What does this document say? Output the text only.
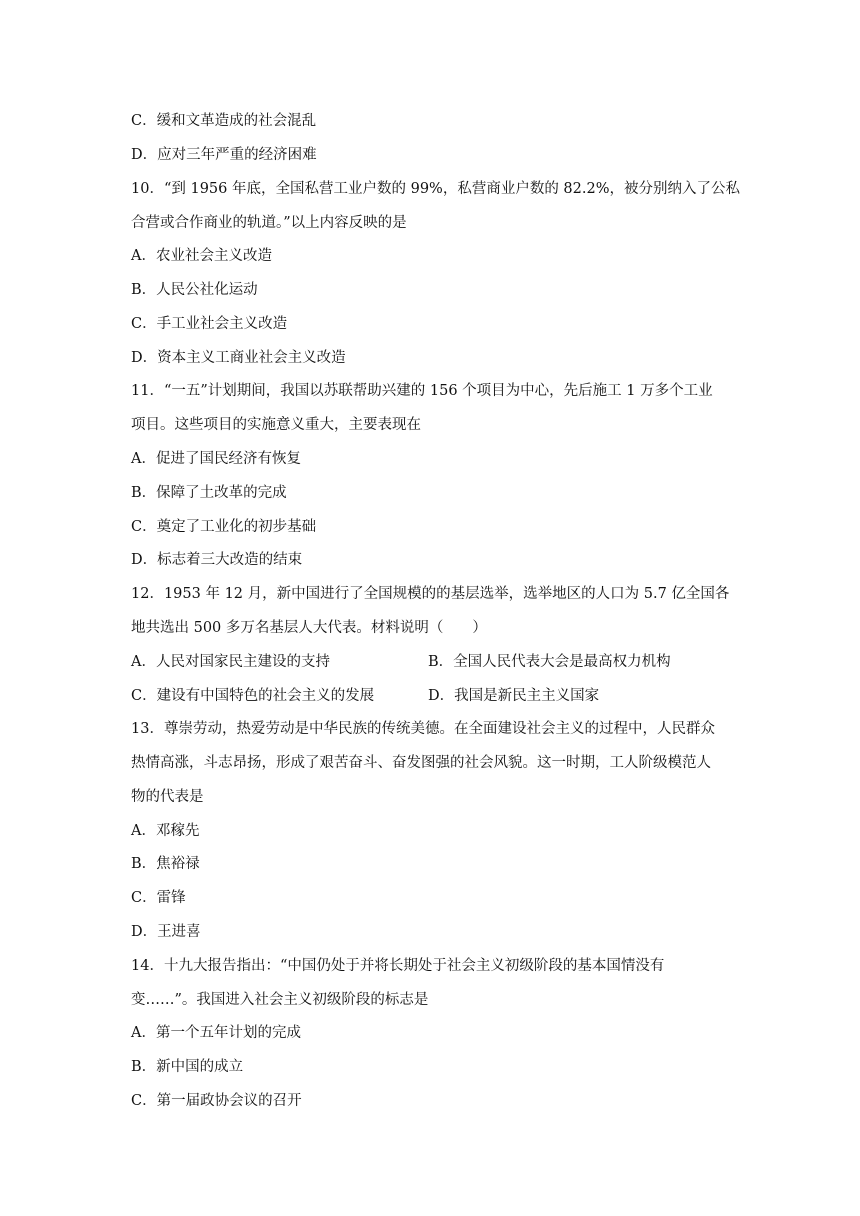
C．缓和文革造成的社会混乱
D．应对三年严重的经济困难
10．“到 1956 年底，全国私营工业户数的 99%，私营商业户数的 82.2%，被分别纳入了公私
合营或合作商业的轨道。”以上内容反映的是
A．农业社会主义改造
B．人民公社化运动
C．手工业社会主义改造
D．资本主义工商业社会主义改造
11．“一五”计划期间，我国以苏联帮助兴建的 156 个项目为中心，先后施工 1 万多个工业
项目。这些项目的实施意义重大，主要表现在
A．促进了国民经济有恢复
B．保障了土改革的完成
C．奠定了工业化的初步基础
D．标志着三大改造的结束
12．1953 年 12 月，新中国进行了全国规模的的基层选举，选举地区的人口为 5.7 亿全国各
地共选出 500 多万名基层人大代表。材料说明（　　）
A．人民对国家民主建设的支持	B．全国人民代表大会是最高权力机构
C．建设有中国特色的社会主义的发展	D．我国是新民主主义国家
13．尊崇劳动，热爱劳动是中华民族的传统美德。在全面建设社会主义的过程中，人民群众
热情高涨，斗志昂扬，形成了艰苦奋斗、奋发图强的社会风貌。这一时期，工人阶级模范人
物的代表是
A．邓稼先
B．焦裕禄
C．雷锋
D．王进喜
14．十九大报告指出：“中国仍处于并将长期处于社会主义初级阶段的基本国情没有
变……”。我国进入社会主义初级阶段的标志是
A．第一个五年计划的完成
B．新中国的成立
C．第一届政协会议的召开
